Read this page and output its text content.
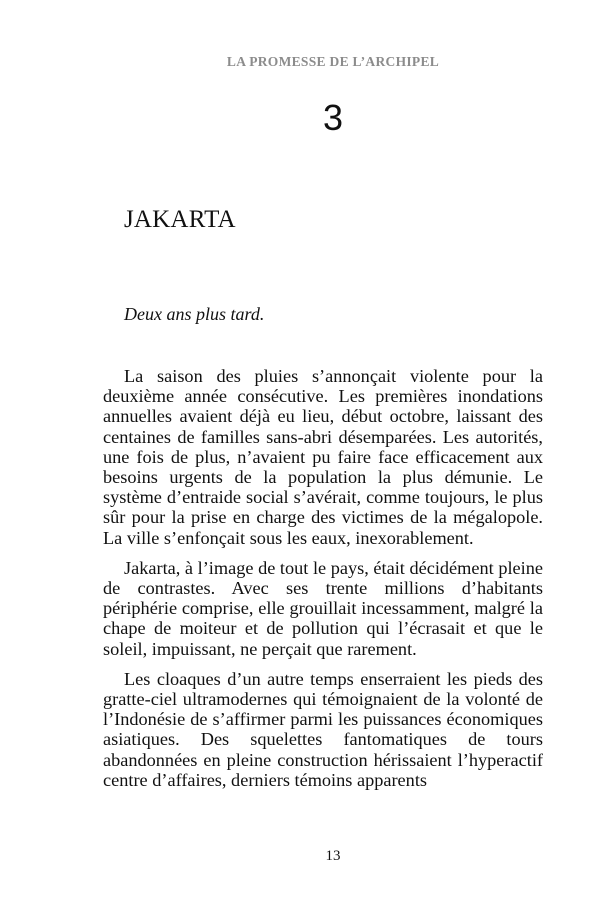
LA PROMESSE DE L’ARCHIPEL
3
JAKARTA
Deux ans plus tard.

La saison des pluies s’annonçait violente pour la deuxième année consécutive. Les premières inondations annuelles avaient déjà eu lieu, début octobre, laissant des centaines de familles sans-abri désemparées. Les autorités, une fois de plus, n’avaient pu faire face efficacement aux besoins urgents de la population la plus démunie. Le système d’entraide social s’avérait, comme toujours, le plus sûr pour la prise en charge des victimes de la mégalopole. La ville s’enfonçait sous les eaux, inexorablement.

Jakarta, à l’image de tout le pays, était décidément pleine de contrastes. Avec ses trente millions d’habitants périphérie comprise, elle grouillait incessamment, malgré la chape de moiteur et de pollution qui l’écrasait et que le soleil, impuissant, ne perçait que rarement.

Les cloaques d’un autre temps enserraient les pieds des gratte-ciel ultramodernes qui témoignaient de la volonté de l’Indonésie de s’affirmer parmi les puissances économiques asiatiques. Des squelettes fantomatiques de tours abandonnées en pleine construction hérissaient l’hyperactif centre d’affaires, derniers témoins apparents

13
